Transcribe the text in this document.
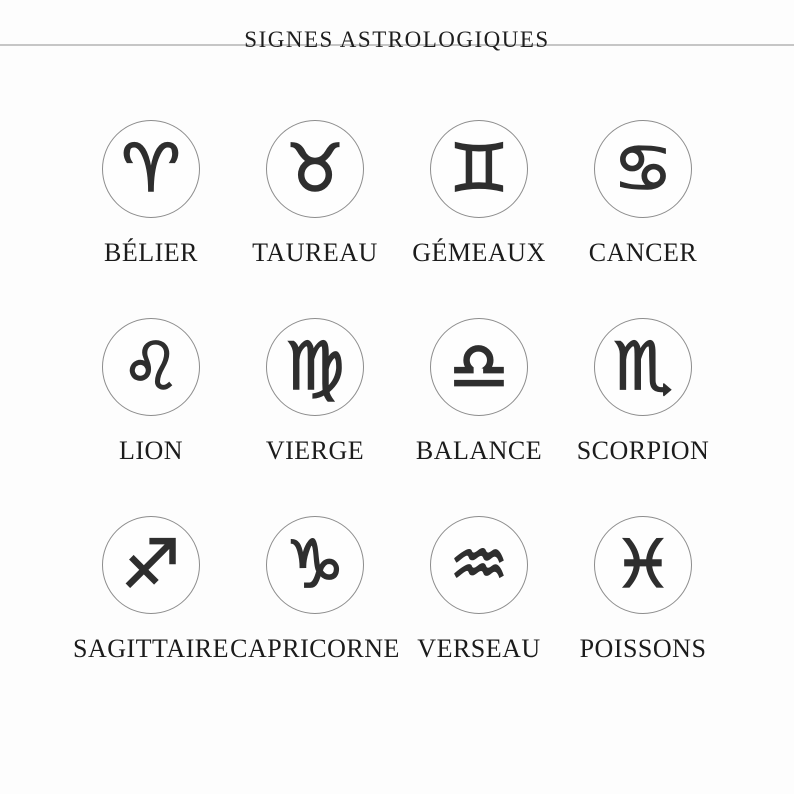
SIGNES ASTROLOGIQUES
♈
BÉLIER
♉
TAUREAU
♊
GÉMEAUX
♋
CANCER
♌
LION
♍
VIERGE
♎
BALANCE
♏
SCORPION
♐
SAGITTAIRE
♑
CAPRICORNE
♒
VERSEAU
♓
POISSONS
